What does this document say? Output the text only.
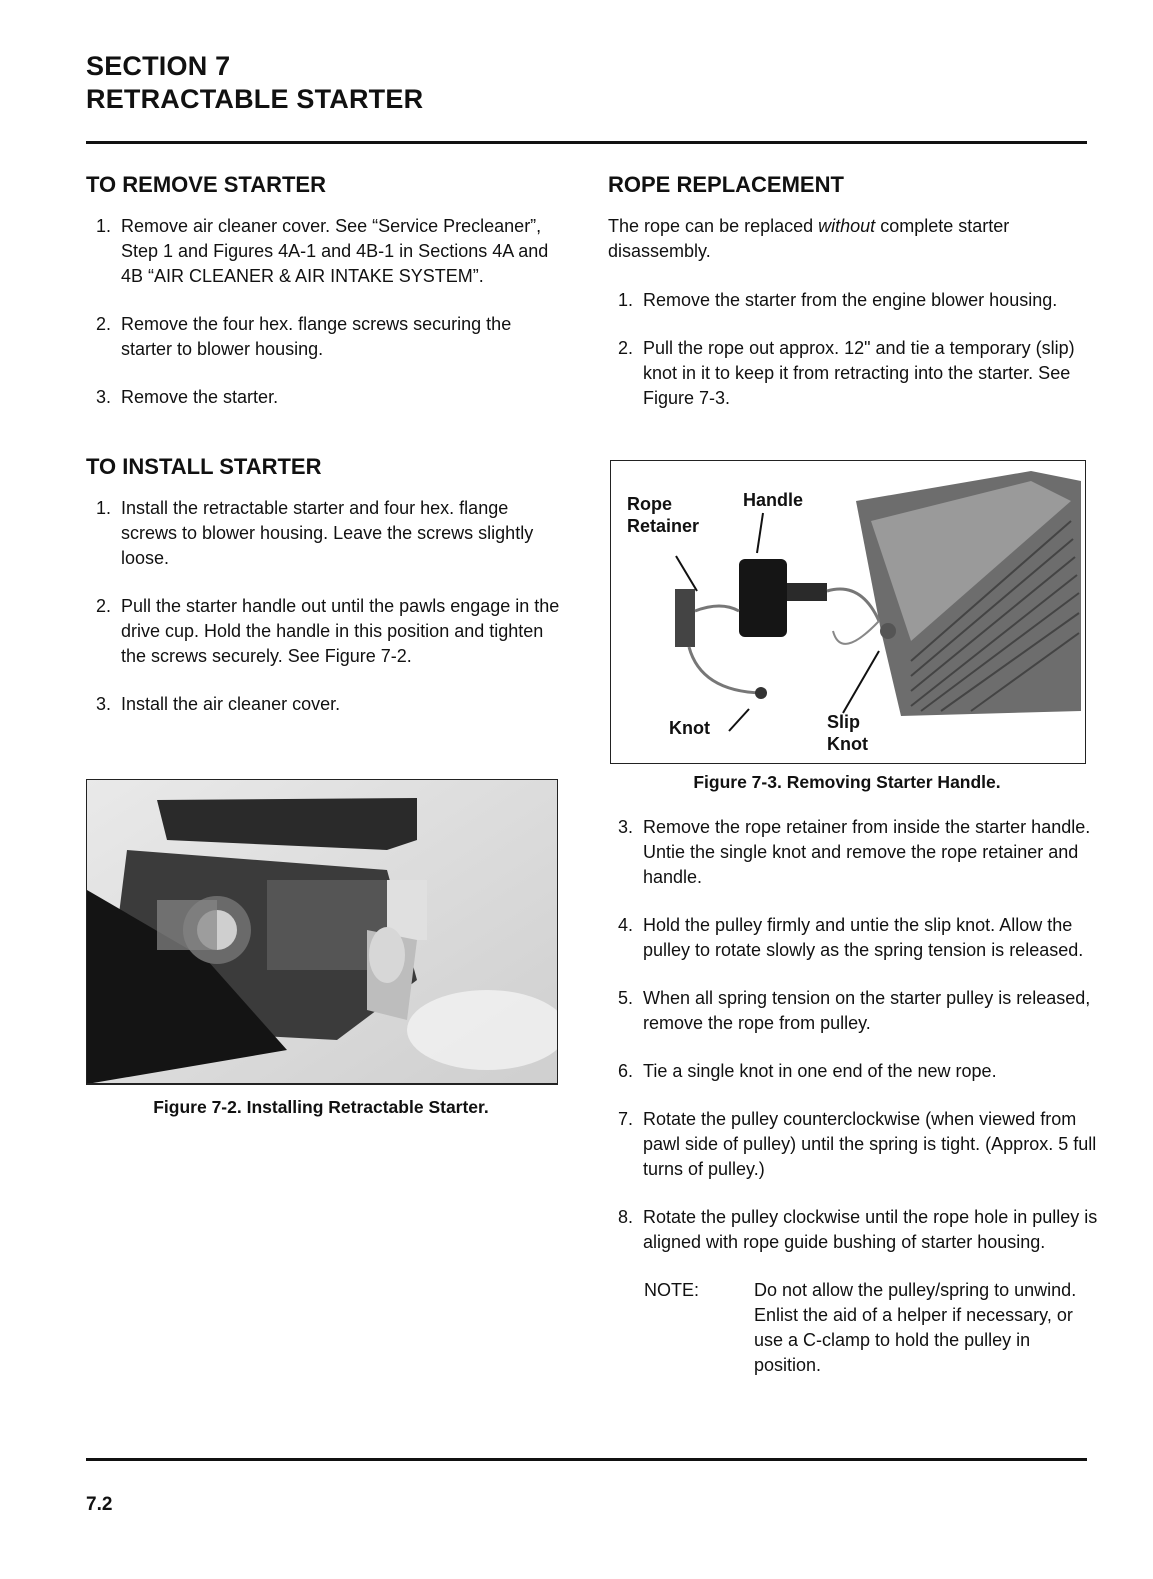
SECTION 7
RETRACTABLE STARTER
TO REMOVE STARTER
1. Remove air cleaner cover. See “Service Precleaner”, Step 1 and Figures 4A-1 and 4B-1 in Sections 4A and 4B “AIR CLEANER & AIR INTAKE SYSTEM”.
2. Remove the four hex. flange screws securing the starter to blower housing.
3. Remove the starter.
TO INSTALL STARTER
1. Install the retractable starter and four hex. flange screws to blower housing. Leave the screws slightly loose.
2. Pull the starter handle out until the pawls engage in the drive cup. Hold the handle in this position and tighten the screws securely. See Figure 7-2.
3. Install the air cleaner cover.
Figure 7-2. Installing Retractable Starter.
ROPE REPLACEMENT

The rope can be replaced without complete starter disassembly.

1. Remove the starter from the engine blower housing.
2. Pull the rope out approx. 12" and tie a temporary (slip) knot in it to keep it from retracting into the starter. See Figure 7-3.
Rope
Retainer
Handle
Knot	Slip
Knot
Figure 7-3. Removing Starter Handle.
3. Remove the rope retainer from inside the starter handle. Untie the single knot and remove the rope retainer and handle.
4. Hold the pulley firmly and untie the slip knot. Allow the pulley to rotate slowly as the spring tension is released.
5. When all spring tension on the starter pulley is released, remove the rope from pulley.
6. Tie a single knot in one end of the new rope.
7. Rotate the pulley counterclockwise (when viewed from pawl side of pulley) until the spring is tight. (Approx. 5 full turns of pulley.)
8. Rotate the pulley clockwise until the rope hole in pulley is aligned with rope guide bushing of starter housing.
NOTE:	Do not allow the pulley/spring to unwind. Enlist the aid of a helper if necessary, or use a C-clamp to hold the pulley in position.
7.2
